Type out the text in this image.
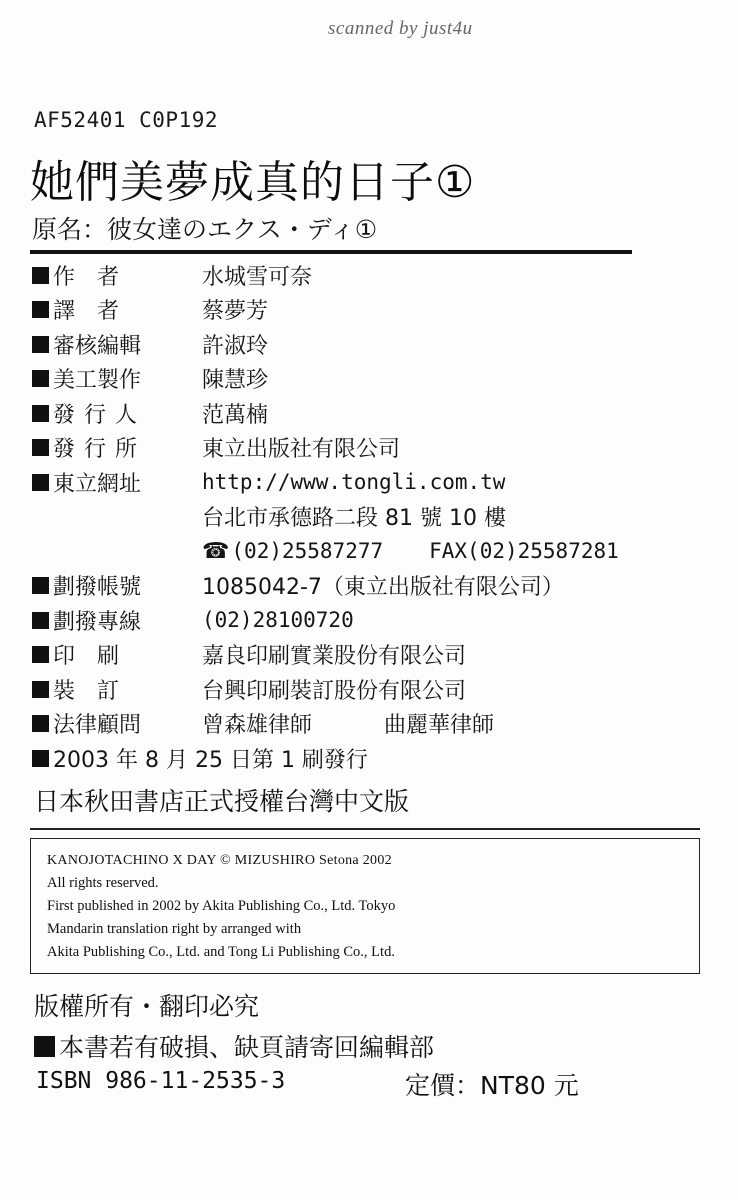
scanned by just4u
AF52401 C0P192
她們美夢成真的日子①
原名：彼女達のエクス・ディ①
作　者	水城雪可奈
譯　者	蔡夢芳
審核編輯	許淑玲
美工製作	陳慧珍
發行人	范萬楠
發行所	東立出版社有限公司
東立網址	http://www.tongli.com.tw
台北市承德路二段 81 號 10 樓
☎ (02)25587277 FAX(02)25587281
劃撥帳號	1085042-7（東立出版社有限公司）
劃撥專線	(02)28100720
印　刷	嘉良印刷實業股份有限公司
裝　訂	台興印刷裝訂股份有限公司
法律顧問	曾森雄律師	曲麗華律師
2003 年 8 月 25 日第 1 刷發行
日本秋田書店正式授權台灣中文版
KANOJOTACHINO X DAY © MIZUSHIRO Setona 2002
All rights reserved.
First published in 2002 by Akita Publishing Co., Ltd. Tokyo
Mandarin translation right by arranged with
Akita Publishing Co., Ltd. and Tong Li Publishing Co., Ltd.
版權所有・翻印必究
本書若有破損、缺頁請寄回編輯部
ISBN 986-11-2535-3	定價：NT80 元
